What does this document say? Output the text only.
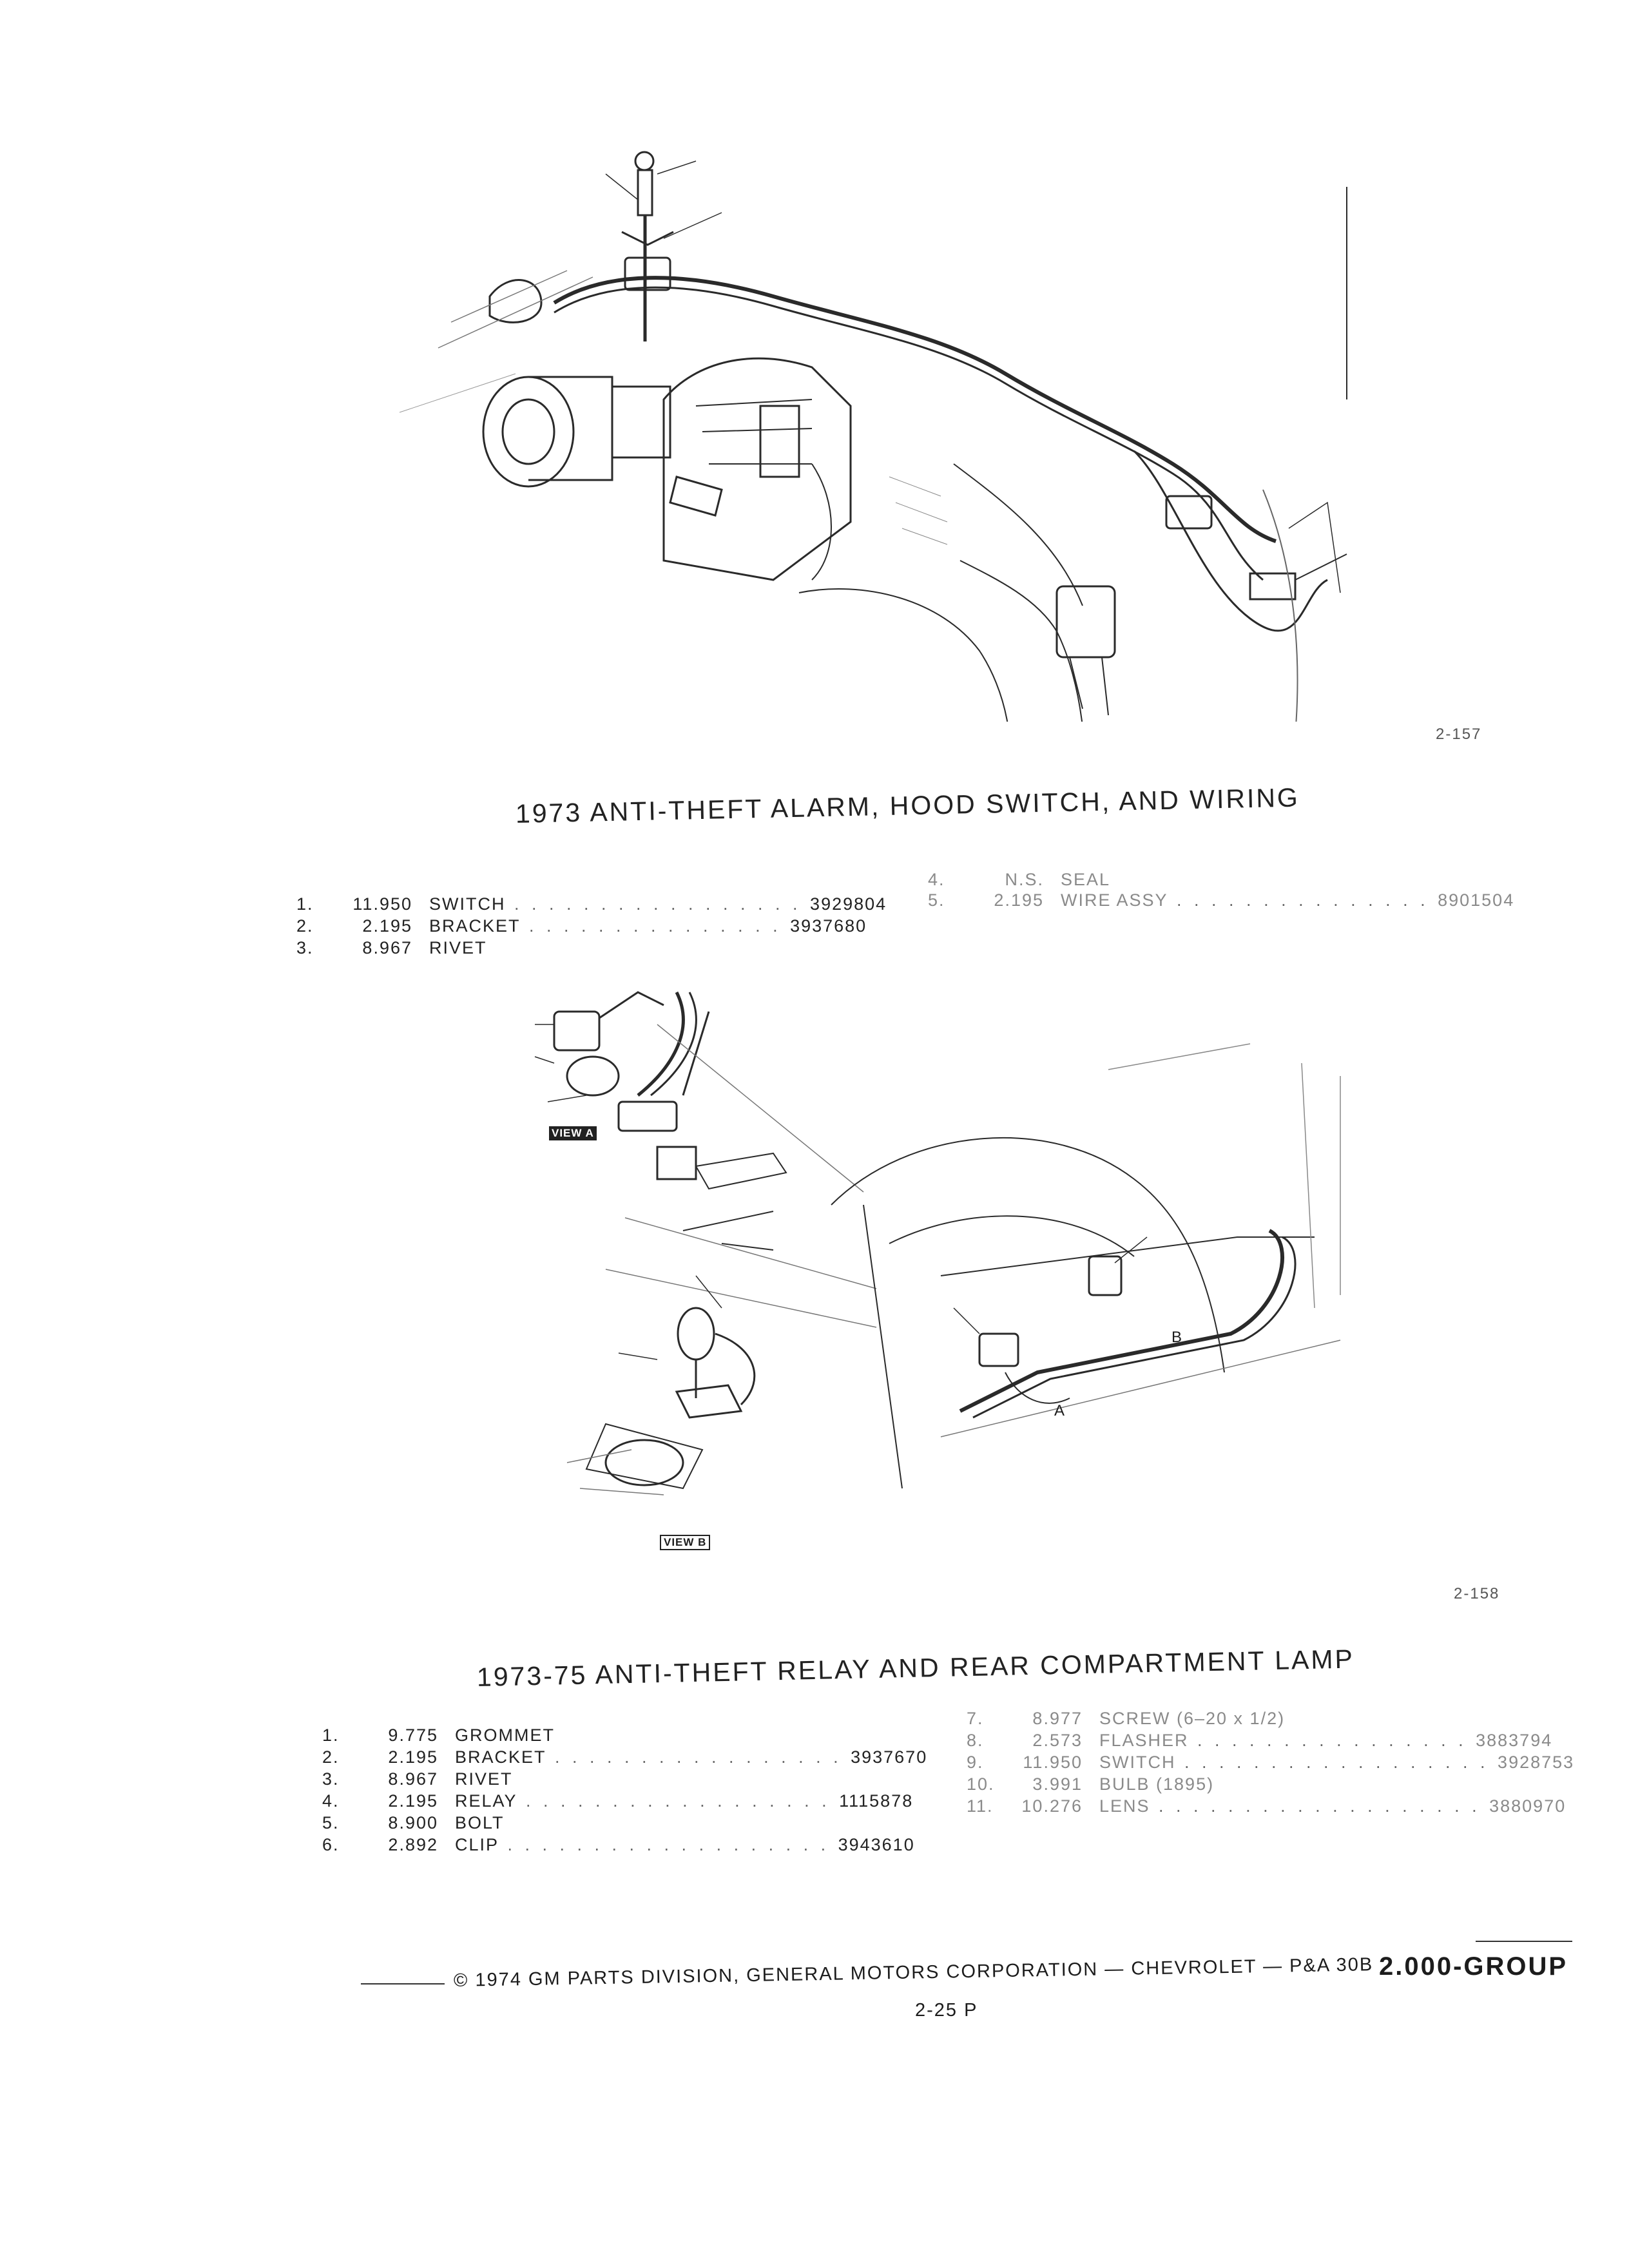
2-157
1973 ANTI-THEFT ALARM, HOOD SWITCH, AND WIRING
1. 11.950 SWITCH . . . . . . . . . . . . . . . . . 3929804
2.	2.195 BRACKET . . . . . . . . . . . . . . . 3937680
3.	8.967 RIVET
4.	N.S. SEAL
5.	2.195 WIRE ASSY . . . . . . . . . . . . . . . 8901504
VIEW A
VIEW B
A
B
2-158
1973-75 ANTI-THEFT RELAY AND REAR COMPARTMENT LAMP
1.	9.775 GROMMET
2.	2.195 BRACKET . . . . . . . . . . . . . . . . . 3937670
3.	8.967 RIVET
4.	2.195 RELAY . . . . . . . . . . . . . . . . . . 1115878
5.	8.900 BOLT
6.	2.892 CLIP . . . . . . . . . . . . . . . . . . . 3943610
7.	8.977 SCREW (6–20 x 1/2)
8.	2.573 FLASHER . . . . . . . . . . . . . . . . 3883794
9. 11.950 SWITCH . . . . . . . . . . . . . . . . . . 3928753
10. 3.991 BULB (1895)
11. 10.276 LENS . . . . . . . . . . . . . . . . . . . 3880970
© 1974 GM PARTS DIVISION, GENERAL MOTORS CORPORATION — CHEVROLET — P&A 30B
2-25 P
2.000-GROUP
